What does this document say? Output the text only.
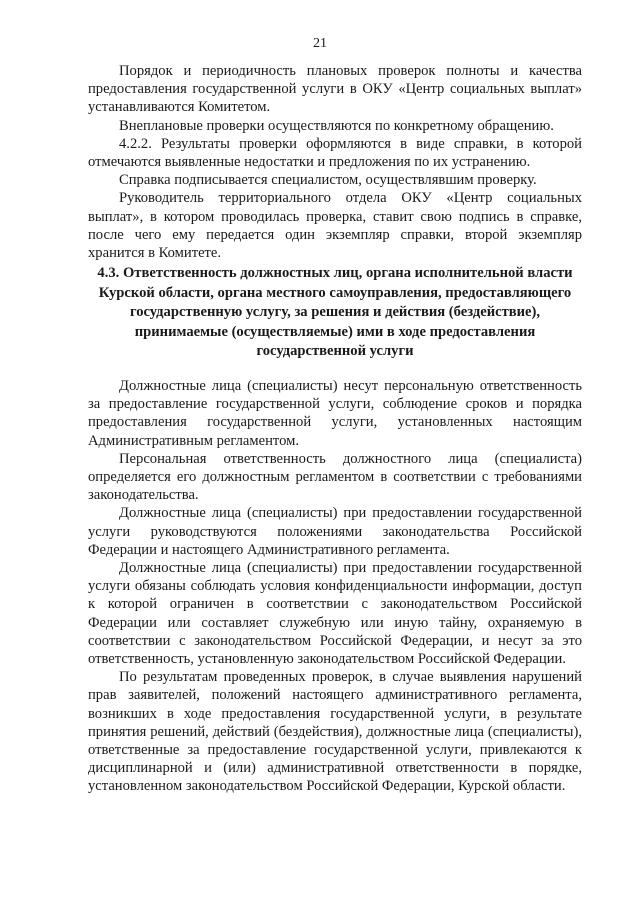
21

Порядок и периодичность плановых проверок полноты и качества предоставления государственной услуги в ОКУ «Центр социальных выплат» устанавливаются Комитетом.

Внеплановые проверки осуществляются по конкретному обращению.

4.2.2. Результаты проверки оформляются в виде справки, в которой отмечаются выявленные недостатки и предложения по их устранению.

Справка подписывается специалистом, осуществлявшим проверку.

Руководитель территориального отдела ОКУ «Центр социальных выплат», в котором проводилась проверка, ставит свою подпись в справке, после чего ему передается один экземпляр справки, второй экземпляр хранится в Комитете.

4.3. Ответственность должностных лиц, органа исполнительной власти Курской области, органа местного самоуправления, предоставляющего государственную услугу, за решения и действия (бездействие), принимаемые (осуществляемые) ими в ходе предоставления государственной услуги

Должностные лица (специалисты) несут персональную ответственность за предоставление государственной услуги, соблюдение сроков и порядка предоставления государственной услуги, установленных настоящим Административным регламентом.

Персональная ответственность должностного лица (специалиста) определяется его должностным регламентом в соответствии с требованиями законодательства.

Должностные лица (специалисты) при предоставлении государственной услуги руководствуются положениями законодательства Российской Федерации и настоящего Административного регламента.

Должностные лица (специалисты) при предоставлении государственной услуги обязаны соблюдать условия конфиденциальности информации, доступ к которой ограничен в соответствии с законодательством Российской Федерации или составляет служебную или иную тайну, охраняемую в соответствии с законодательством Российской Федерации, и несут за это ответственность, установленную законодательством Российской Федерации.

По результатам проведенных проверок, в случае выявления нарушений прав заявителей, положений настоящего административного регламента, возникших в ходе предоставления государственной услуги, в результате принятия решений, действий (бездействия), должностные лица (специалисты), ответственные за предоставление государственной услуги, привлекаются к дисциплинарной и (или) административной ответственности в порядке, установленном законодательством Российской Федерации, Курской области.
